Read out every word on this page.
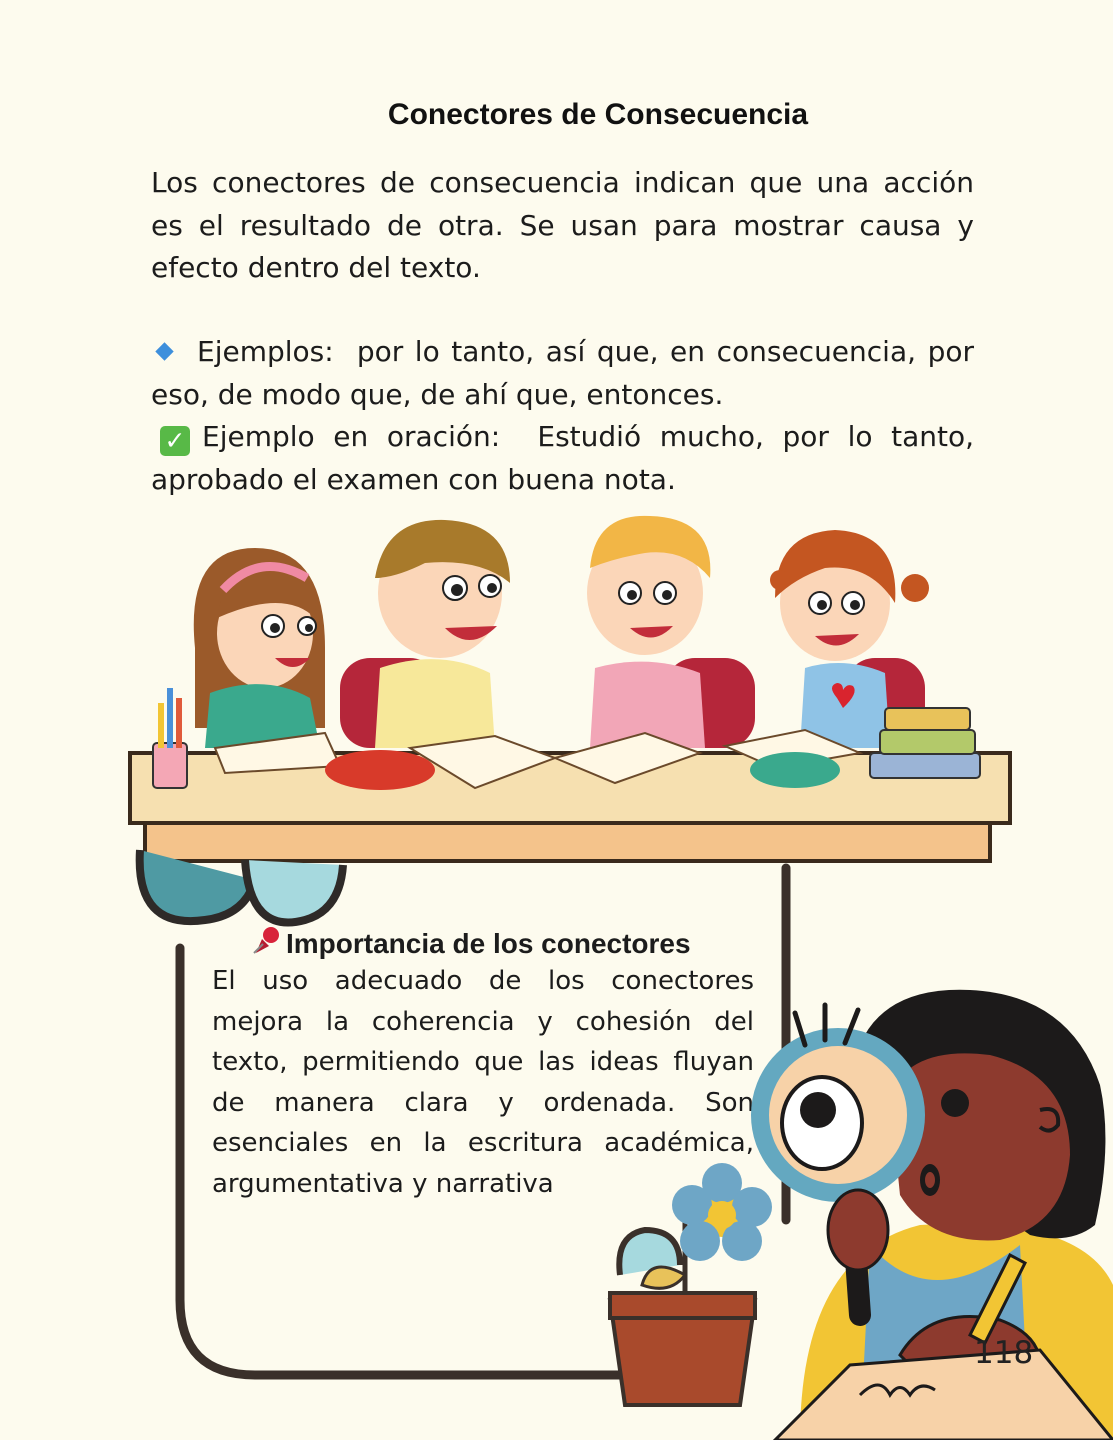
Conectores de Consecuencia

Los conectores de consecuencia indican que una acción es el resultado de otra. Se usan para mostrar causa y efecto dentro del texto.

Ejemplos: por lo tanto, así que, en consecuencia, por eso, de modo que, de ahí que, entonces.

✓ Ejemplo en oración: Estudió mucho, por lo tanto, aprobado el examen con buena nota.

Importancia de los conectores

El uso adecuado de los conectores mejora la coherencia y cohesión del texto, permitiendo que las ideas fluyan de manera clara y ordenada. Son esenciales en la escritura académica, argumentativa y narrativa

118
